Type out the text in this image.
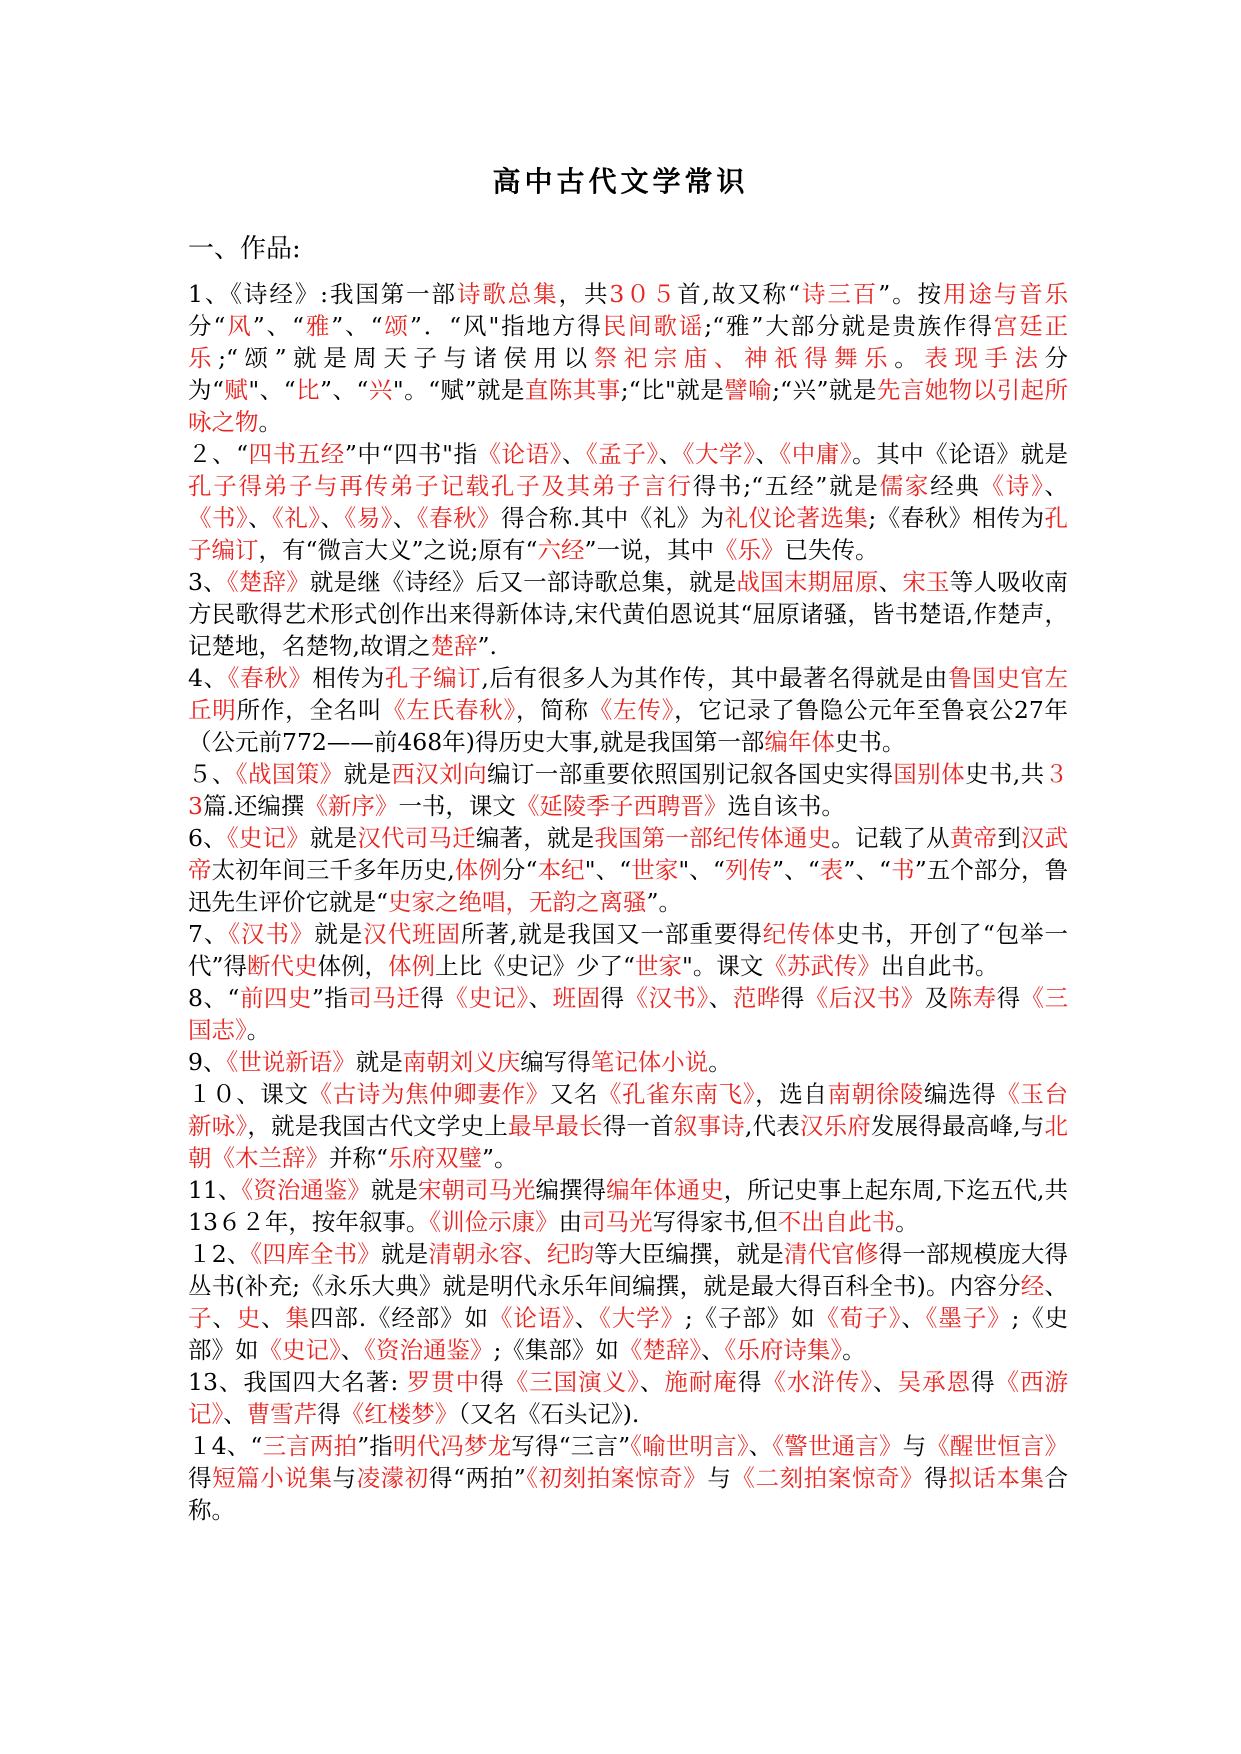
高中古代文学常识
一、作品:

1、《诗经》:我国第一部诗歌总集，共3０５首,故又称“诗三百”。按用途与音乐分“风”、“雅”、“颂”．“风"指地方得民间歌谣;“雅”大部分就是贵族作得宫廷正乐;“颂”就是周天子与诸侯用以祭祀宗庙、神祇得舞乐。表现手法分为“赋"、“比”、“兴"。“赋”就是直陈其事;“比"就是譬喻;“兴”就是先言她物以引起所咏之物。

２、“四书五经”中“四书"指《论语》、《孟子》、《大学》、《中庸》。其中《论语》就是孔子得弟子与再传弟子记载孔子及其弟子言行得书;“五经”就是儒家经典《诗》、《书》、《礼》、《易》、《春秋》得合称.其中《礼》为礼仪论著选集;《春秋》相传为孔子编订，有“微言大义”之说;原有“六经”一说，其中《乐》已失传。

3、《楚辞》就是继《诗经》后又一部诗歌总集，就是战国末期屈原、宋玉等人吸收南方民歌得艺术形式创作出来得新体诗,宋代黄伯恩说其“屈原诸骚，皆书楚语,作楚声，记楚地，名楚物,故谓之楚辞”.

4、《春秋》相传为孔子编订,后有很多人为其作传，其中最著名得就是由鲁国史官左丘明所作，全名叫《左氏春秋》，简称《左传》，它记录了鲁隐公元年至鲁哀公27年（公元前772——前468年)得历史大事,就是我国第一部编年体史书。

５、《战国策》就是西汉刘向编订一部重要依照国别记叙各国史实得国别体史书,共３3篇.还编撰《新序》一书，课文《延陵季子西聘晋》选自该书。

6、《史记》就是汉代司马迁编著，就是我国第一部纪传体通史。记载了从黄帝到汉武帝太初年间三千多年历史,体例分“本纪"、“世家"、“列传”、“表”、“书”五个部分，鲁迅先生评价它就是“史家之绝唱，无韵之离骚”。

7、《汉书》就是汉代班固所著,就是我国又一部重要得纪传体史书，开创了“包举一代”得断代史体例，体例上比《史记》少了“世家"。课文《苏武传》出自此书。

8、“前四史”指司马迁得《史记》、班固得《汉书》、范晔得《后汉书》及陈寿得《三国志》。

9、《世说新语》就是南朝刘义庆编写得笔记体小说。

１０、课文《古诗为焦仲卿妻作》又名《孔雀东南飞》，选自南朝徐陵编选得《玉台新咏》，就是我国古代文学史上最早最长得一首叙事诗,代表汉乐府发展得最高峰,与北朝《木兰辞》并称“乐府双璧”。

11、《资治通鉴》就是宋朝司马光编撰得编年体通史，所记史事上起东周,下迄五代,共13６２年，按年叙事。《训俭示康》由司马光写得家书,但不出自此书。

１2、《四库全书》就是清朝永容、纪昀等大臣编撰，就是清代官修得一部规模庞大得丛书(补充;《永乐大典》就是明代永乐年间编撰，就是最大得百科全书)。内容分经、子、史、集四部.《经部》如《论语》、《大学》;《子部》如《荀子》、《墨子》;《史部》如《史记》、《资治通鉴》;《集部》如《楚辞》、《乐府诗集》。

13、我国四大名著: 罗贯中得《三国演义》、施耐庵得《水浒传》、吴承恩得《西游记》、曹雪芹得《红楼梦》（又名《石头记》).

１4、“三言两拍”指明代冯梦龙写得“三言”《喻世明言》、《警世通言》与《醒世恒言》得短篇小说集与凌濛初得“两拍”《初刻拍案惊奇》与《二刻拍案惊奇》得拟话本集合称。
